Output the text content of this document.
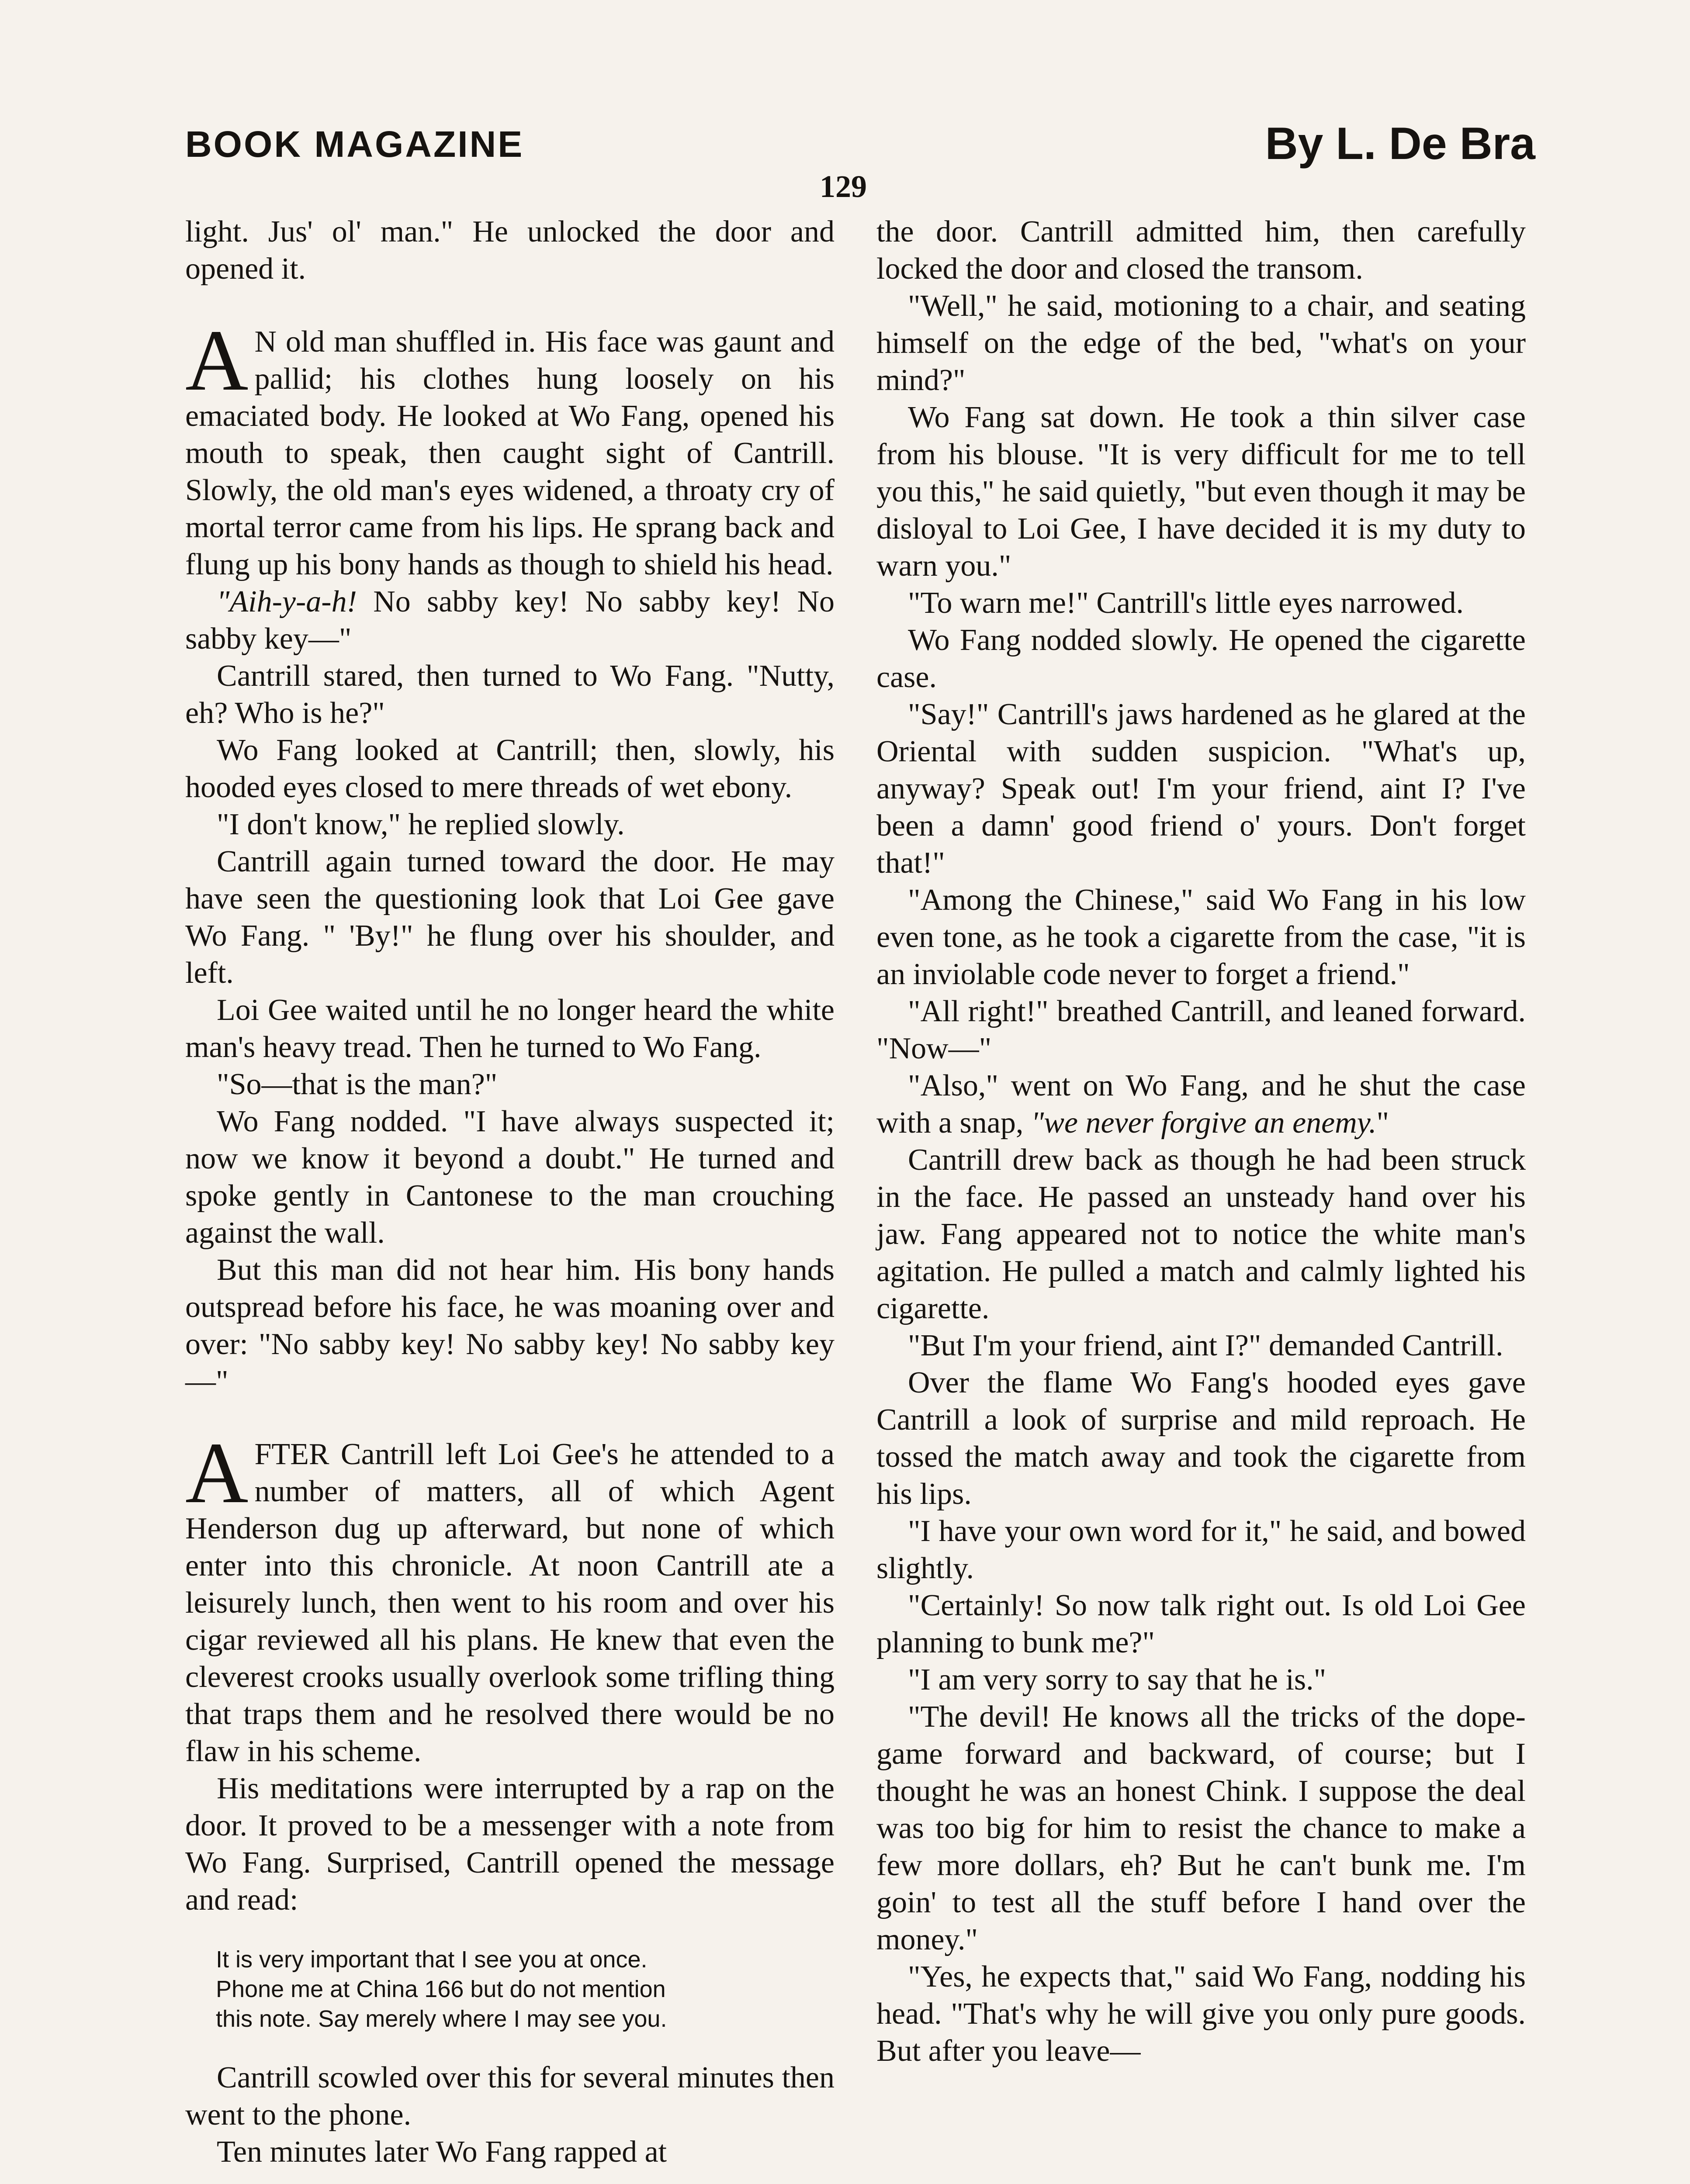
BOOK MAGAZINE	By L. De Bra
129

light. Jus' ol' man." He unlocked the door and opened it.

A N old man shuffled in. His face was gaunt and pallid; his clothes hung loosely on his emaciated body. He looked at Wo Fang, opened his mouth to speak, then caught sight of Cantrill. Slowly, the old man's eyes widened, a throaty cry of mortal terror came from his lips. He sprang back and flung up his bony hands as though to shield his head.

"Aih-y-a-h! No sabby key! No sabby key! No sabby key—"

Cantrill stared, then turned to Wo Fang. "Nutty, eh? Who is he?"

Wo Fang looked at Cantrill; then, slowly, his hooded eyes closed to mere threads of wet ebony.

"I don't know," he replied slowly.

Cantrill again turned toward the door. He may have seen the questioning look that Loi Gee gave Wo Fang. " 'By!" he flung over his shoulder, and left.

Loi Gee waited until he no longer heard the white man's heavy tread. Then he turned to Wo Fang.

"So—that is the man?"

Wo Fang nodded. "I have always suspected it; now we know it beyond a doubt." He turned and spoke gently in Cantonese to the man crouching against the wall.

But this man did not hear him. His bony hands outspread before his face, he was moaning over and over: "No sabby key! No sabby key! No sabby key—"

AFTER Cantrill left Loi Gee's he attended to a number of matters, all of which Agent Henderson dug up afterward, but none of which enter into this chronicle. At noon Cantrill ate a leisurely lunch, then went to his room and over his cigar reviewed all his plans. He knew that even the cleverest crooks usually overlook some trifling thing that traps them and he resolved there would be no flaw in his scheme.

His meditations were interrupted by a rap on the door. It proved to be a messenger with a note from Wo Fang. Surprised, Cantrill opened the message and read:

It is very important that I see you at once.
Phone me at China 166 but do not mention
this note. Say merely where I may see you.

Cantrill scowled over this for several minutes then went to the phone.

Ten minutes later Wo Fang rapped at

the door. Cantrill admitted him, then carefully locked the door and closed the transom.

"Well," he said, motioning to a chair, and seating himself on the edge of the bed, "what's on your mind?"

Wo Fang sat down. He took a thin silver case from his blouse. "It is very difficult for me to tell you this," he said quietly, "but even though it may be disloyal to Loi Gee, I have decided it is my duty to warn you."

"To warn me!" Cantrill's little eyes narrowed.

Wo Fang nodded slowly. He opened the cigarette case.

"Say!" Cantrill's jaws hardened as he glared at the Oriental with sudden suspicion. "What's up, anyway? Speak out! I'm your friend, aint I? I've been a damn' good friend o' yours. Don't forget that!"

"Among the Chinese," said Wo Fang in his low even tone, as he took a cigarette from the case, "it is an inviolable code never to forget a friend."

"All right!" breathed Cantrill, and leaned forward. "Now—"

"Also," went on Wo Fang, and he shut the case with a snap, "we never forgive an enemy."

Cantrill drew back as though he had been struck in the face. He passed an unsteady hand over his jaw. Fang appeared not to notice the white man's agitation. He pulled a match and calmly lighted his cigarette.

"But I'm your friend, aint I?" demanded Cantrill.

Over the flame Wo Fang's hooded eyes gave Cantrill a look of surprise and mild reproach. He tossed the match away and took the cigarette from his lips.

"I have your own word for it," he said, and bowed slightly.

"Certainly! So now talk right out. Is old Loi Gee planning to bunk me?"

"I am very sorry to say that he is."

"The devil! He knows all the tricks of the dope-game forward and backward, of course; but I thought he was an honest Chink. I suppose the deal was too big for him to resist the chance to make a few more dollars, eh? But he can't bunk me. I'm goin' to test all the stuff before I hand over the money."

"Yes, he expects that," said Wo Fang, nodding his head. "That's why he will give you only pure goods. But after you leave—
